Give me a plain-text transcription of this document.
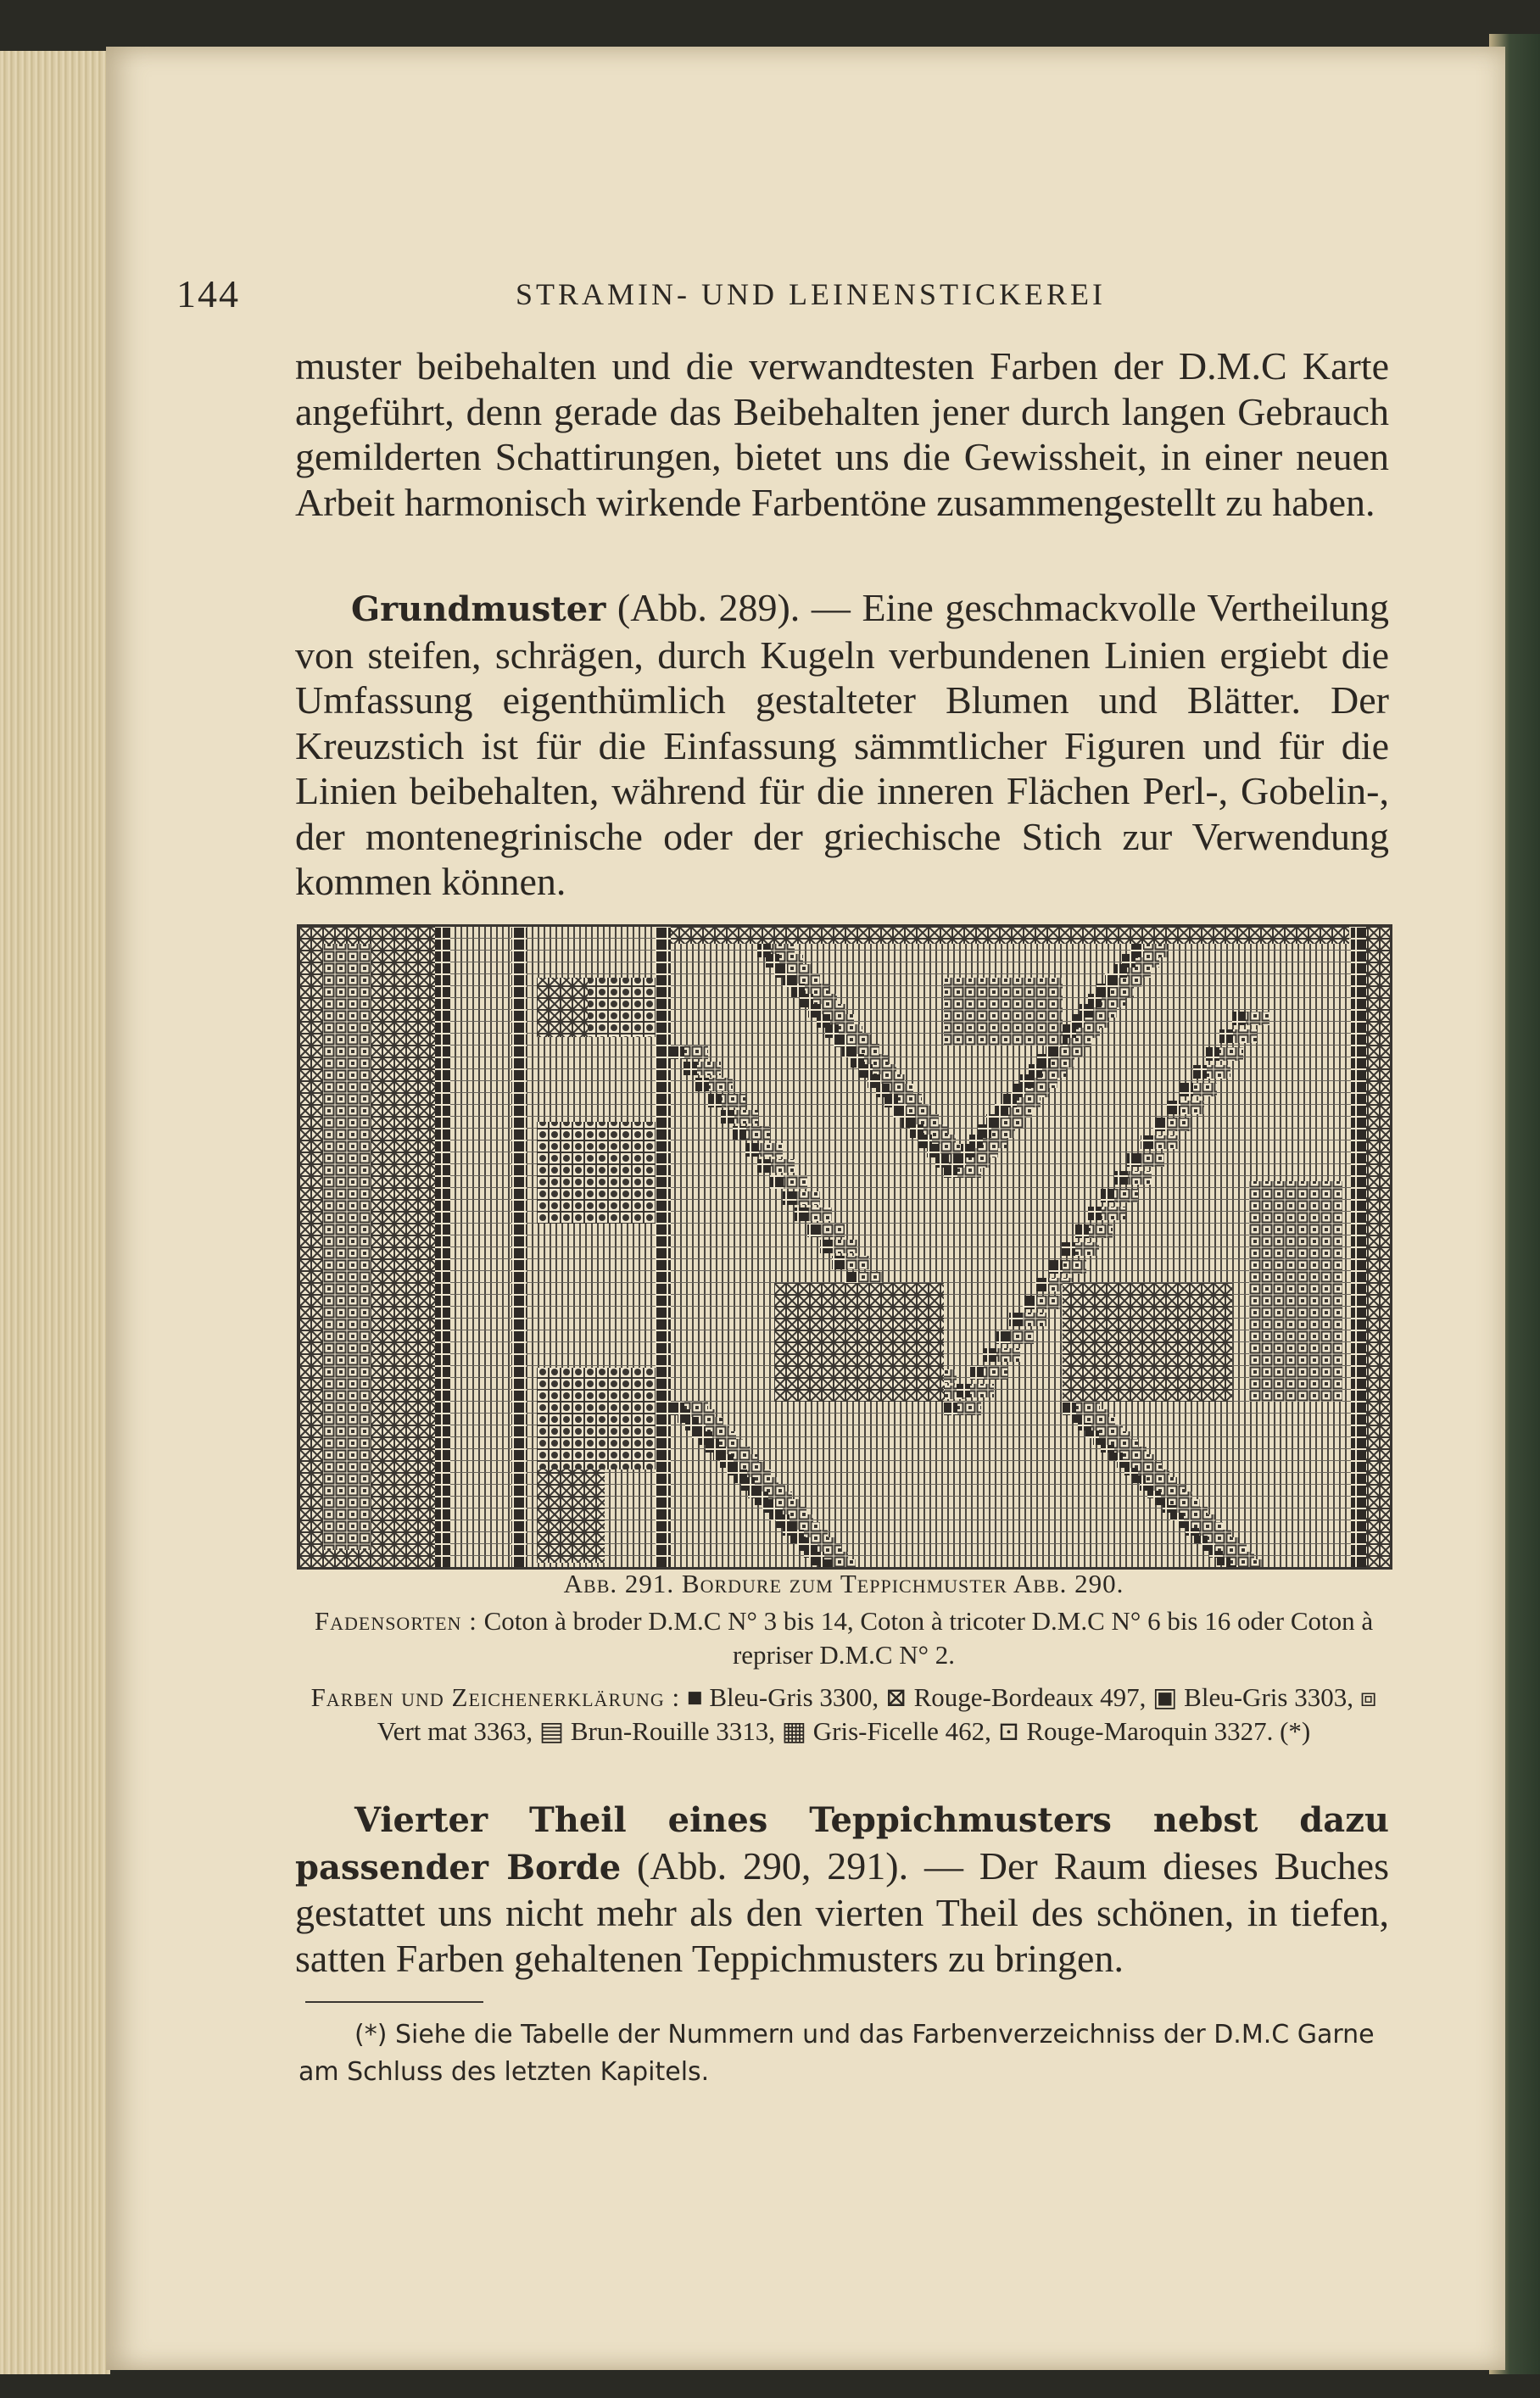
144	STRAMIN- UND LEINENSTICKEREI
muster beibehalten und die verwandtesten Farben der D.M.C Karte angeführt, denn gerade das Beibehalten jener durch langen Gebrauch gemilderten Schattirungen, bietet uns die Gewissheit, in einer neuen Arbeit harmonisch wirkende Farbentöne zusammengestellt zu haben.
Grundmuster (Abb. 289). — Eine geschmackvolle Vertheilung von steifen, schrägen, durch Kugeln verbundenen Linien ergiebt die Umfassung eigenthümlich gestalteter Blumen und Blätter. Der Kreuzstich ist für die Einfassung sämmtlicher Figuren und für die Linien beibehalten, während für die inneren Flächen Perl-, Gobelin-, der montenegrinische oder der griechische Stich zur Verwendung kommen können.
Abb. 291. Bordure zum Teppichmuster Abb. 290.
Fadensorten : Coton à broder D.M.C N° 3 bis 14, Coton à tricoter D.M.C N° 6 bis 16 oder Coton à repriser D.M.C N° 2.
Farben und Zeichenerklärung : ■ Bleu-Gris 3300, ⊠ Rouge-Bordeaux 497, ▣ Bleu-Gris 3303, ⧈ Vert mat 3363, ▤ Brun-Rouille 3313, ▦ Gris-Ficelle 462, ⊡ Rouge-Maroquin 3327. (*)
Vierter Theil eines Teppichmusters nebst dazu passender Borde (Abb. 290, 291). — Der Raum dieses Buches gestattet uns nicht mehr als den vierten Theil des schönen, in tiefen, satten Farben gehaltenen Teppichmusters zu bringen.
(*) Siehe die Tabelle der Nummern und das Farbenverzeichniss der D.M.C Garne am Schluss des letzten Kapitels.
